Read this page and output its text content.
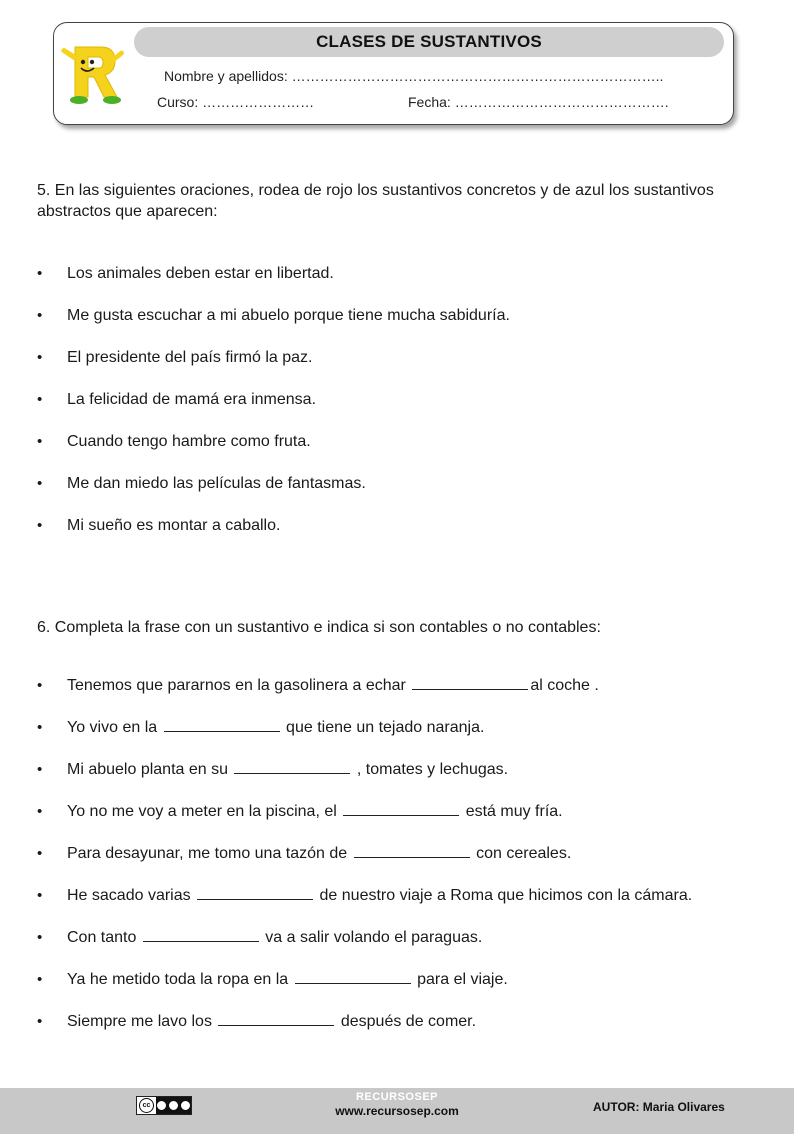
CLASES DE SUSTANTIVOS
Nombre y apellidos: ……………………………………………………………………..
Curso: ……………………	Fecha: ……………………………………….
5. En las siguientes oraciones, rodea de rojo los sustantivos concretos y de azul los sustantivos abstractos que aparecen:
• Los animales deben estar en libertad.
• Me gusta escuchar a mi abuelo porque tiene mucha sabiduría.
• El presidente del país firmó la paz.
• La felicidad de mamá era inmensa.
• Cuando tengo hambre como fruta.
• Me dan miedo las películas de fantasmas.
• Mi sueño es montar a caballo.
6. Completa la frase con un sustantivo e indica si son contables o no contables:
• Tenemos que pararnos en la gasolinera a echar	al coche .
• Yo vivo en la	que tiene un tejado naranja.
• Mi abuelo planta en su	, tomates y lechugas.
• Yo no me voy a meter en la piscina, el	está muy fría.
• Para desayunar, me tomo una tazón de	con cereales.
• He sacado varias	de nuestro viaje a Roma que hicimos con la cámara.
• Con tanto	va a salir volando el paraguas.
• Ya he metido toda la ropa en la	para el viaje.
• Siempre me lavo los	después de comer.
cc
RECURSOSEP
www.recursosep.com	AUTOR: Maria Olivares
